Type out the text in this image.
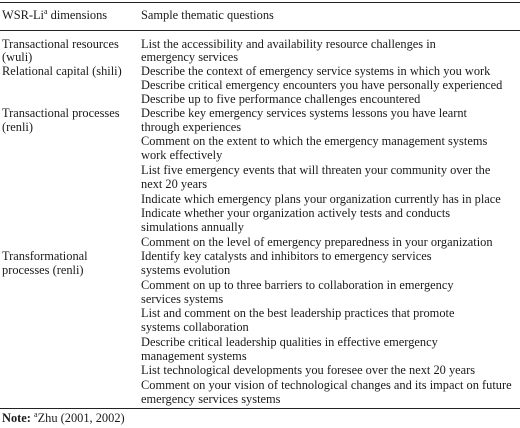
WSR-Li$^a$ dimensions	Sample thematic questions
Transactional resources
(wuli)
List the accessibility and availability resource challenges in
emergency services
Relational capital (shili) Describe the context of emergency service systems in which you work
Describe critical emergency encounters you have personally experienced
Describe up to five performance challenges encountered
Transactional processes
(renli)
Describe key emergency services systems lessons you have learnt
through experiences
Comment on the extent to which the emergency management systems
work effectively
List five emergency events that will threaten your community over the
next 20 years
Indicate which emergency plans your organization currently has in place
Indicate whether your organization actively tests and conducts
simulations annually
Comment on the level of emergency preparedness in your organization
Transformational
processes (renli)
Identify key catalysts and inhibitors to emergency services
systems evolution
Comment on up to three barriers to collaboration in emergency
services systems
List and comment on the best leadership practices that promote
systems collaboration
Describe critical leadership qualities in effective emergency
management systems
List technological developments you foresee over the next 20 years
Comment on your vision of technological changes and its impact on future
emergency services systems
Note: $^a$Zhu (2001, 2002)
